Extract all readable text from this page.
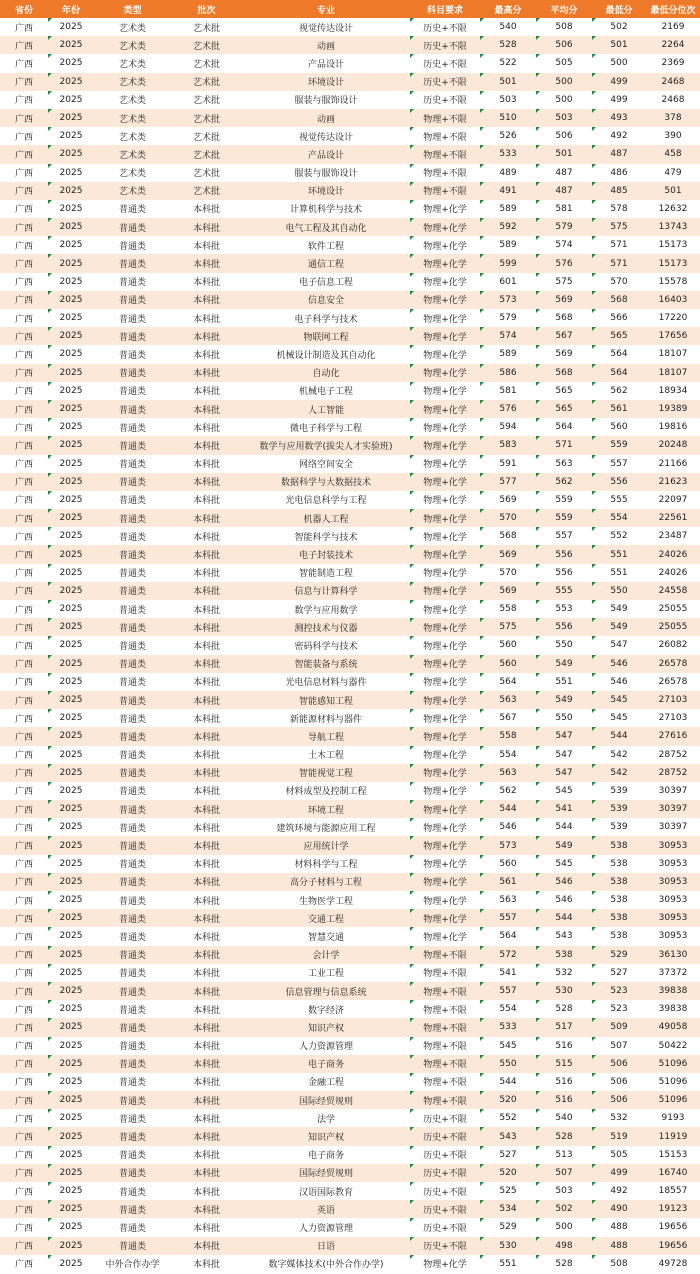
省份	年份	类型	批次	专业	科目要求	最高分	平均分	最低分	最低分位次
广西	2025	艺术类	艺术批	视觉传达设计	历史+不限	540	508	502	2169
广西	2025	艺术类	艺术批	动画	历史+不限	528	506	501	2264
广西	2025	艺术类	艺术批	产品设计	历史+不限	522	505	500	2369
广西	2025	艺术类	艺术批	环境设计	历史+不限	501	500	499	2468
广西	2025	艺术类	艺术批	服装与服饰设计	历史+不限	503	500	499	2468
广西	2025	艺术类	艺术批	动画	物理+不限	510	503	493	378
广西	2025	艺术类	艺术批	视觉传达设计	物理+不限	526	506	492	390
广西	2025	艺术类	艺术批	产品设计	物理+不限	533	501	487	458
广西	2025	艺术类	艺术批	服装与服饰设计	物理+不限	489	487	486	479
广西	2025	艺术类	艺术批	环境设计	物理+不限	491	487	485	501
广西	2025	普通类	本科批	计算机科学与技术	物理+化学	589	581	578	12632
广西	2025	普通类	本科批	电气工程及其自动化	物理+化学	592	579	575	13743
广西	2025	普通类	本科批	软件工程	物理+化学	589	574	571	15173
广西	2025	普通类	本科批	通信工程	物理+化学	599	576	571	15173
广西	2025	普通类	本科批	电子信息工程	物理+化学	601	575	570	15578
广西	2025	普通类	本科批	信息安全	物理+化学	573	569	568	16403
广西	2025	普通类	本科批	电子科学与技术	物理+化学	579	568	566	17220
广西	2025	普通类	本科批	物联网工程	物理+化学	574	567	565	17656
广西	2025	普通类	本科批	机械设计制造及其自动化	物理+化学	589	569	564	18107
广西	2025	普通类	本科批	自动化	物理+化学	586	568	564	18107
广西	2025	普通类	本科批	机械电子工程	物理+化学	581	565	562	18934
广西	2025	普通类	本科批	人工智能	物理+化学	576	565	561	19389
广西	2025	普通类	本科批	微电子科学与工程	物理+化学	594	564	560	19816
广西	2025	普通类	本科批	数学与应用数学(拔尖人才实验班)	物理+化学	583	571	559	20248
广西	2025	普通类	本科批	网络空间安全	物理+化学	591	563	557	21166
广西	2025	普通类	本科批	数据科学与大数据技术	物理+化学	577	562	556	21623
广西	2025	普通类	本科批	光电信息科学与工程	物理+化学	569	559	555	22097
广西	2025	普通类	本科批	机器人工程	物理+化学	570	559	554	22561
广西	2025	普通类	本科批	智能科学与技术	物理+化学	568	557	552	23487
广西	2025	普通类	本科批	电子封装技术	物理+化学	569	556	551	24026
广西	2025	普通类	本科批	智能制造工程	物理+化学	570	556	551	24026
广西	2025	普通类	本科批	信息与计算科学	物理+化学	569	555	550	24558
广西	2025	普通类	本科批	数学与应用数学	物理+化学	558	553	549	25055
广西	2025	普通类	本科批	测控技术与仪器	物理+化学	575	556	549	25055
广西	2025	普通类	本科批	密码科学与技术	物理+化学	560	550	547	26082
广西	2025	普通类	本科批	智能装备与系统	物理+化学	560	549	546	26578
广西	2025	普通类	本科批	光电信息材料与器件	物理+化学	564	551	546	26578
广西	2025	普通类	本科批	智能感知工程	物理+化学	563	549	545	27103
广西	2025	普通类	本科批	新能源材料与器件	物理+化学	567	550	545	27103
广西	2025	普通类	本科批	导航工程	物理+化学	558	547	544	27616
广西	2025	普通类	本科批	土木工程	物理+化学	554	547	542	28752
广西	2025	普通类	本科批	智能视觉工程	物理+化学	563	547	542	28752
广西	2025	普通类	本科批	材料成型及控制工程	物理+化学	562	545	539	30397
广西	2025	普通类	本科批	环境工程	物理+化学	544	541	539	30397
广西	2025	普通类	本科批	建筑环境与能源应用工程	物理+化学	546	544	539	30397
广西	2025	普通类	本科批	应用统计学	物理+化学	573	549	538	30953
广西	2025	普通类	本科批	材料科学与工程	物理+化学	560	545	538	30953
广西	2025	普通类	本科批	高分子材料与工程	物理+化学	561	546	538	30953
广西	2025	普通类	本科批	生物医学工程	物理+化学	563	546	538	30953
广西	2025	普通类	本科批	交通工程	物理+化学	557	544	538	30953
广西	2025	普通类	本科批	智慧交通	物理+化学	564	543	538	30953
广西	2025	普通类	本科批	会计学	物理+不限	572	538	529	36130
广西	2025	普通类	本科批	工业工程	物理+不限	541	532	527	37372
广西	2025	普通类	本科批	信息管理与信息系统	物理+不限	557	530	523	39838
广西	2025	普通类	本科批	数字经济	物理+不限	554	528	523	39838
广西	2025	普通类	本科批	知识产权	物理+不限	533	517	509	49058
广西	2025	普通类	本科批	人力资源管理	物理+不限	545	516	507	50422
广西	2025	普通类	本科批	电子商务	物理+不限	550	515	506	51096
广西	2025	普通类	本科批	金融工程	物理+不限	544	516	506	51096
广西	2025	普通类	本科批	国际经贸规则	物理+不限	520	516	506	51096
广西	2025	普通类	本科批	法学	历史+不限	552	540	532	9193
广西	2025	普通类	本科批	知识产权	历史+不限	543	528	519	11919
广西	2025	普通类	本科批	电子商务	历史+不限	527	513	505	15153
广西	2025	普通类	本科批	国际经贸规则	历史+不限	520	507	499	16740
广西	2025	普通类	本科批	汉语国际教育	历史+不限	525	503	492	18557
广西	2025	普通类	本科批	英语	历史+不限	534	502	490	19123
广西	2025	普通类	本科批	人力资源管理	历史+不限	529	500	488	19656
广西	2025	普通类	本科批	日语	历史+不限	530	498	488	19656
广西	2025	中外合作办学	本科批	数字媒体技术(中外合作办学)	物理+化学	551	528	508	49728
